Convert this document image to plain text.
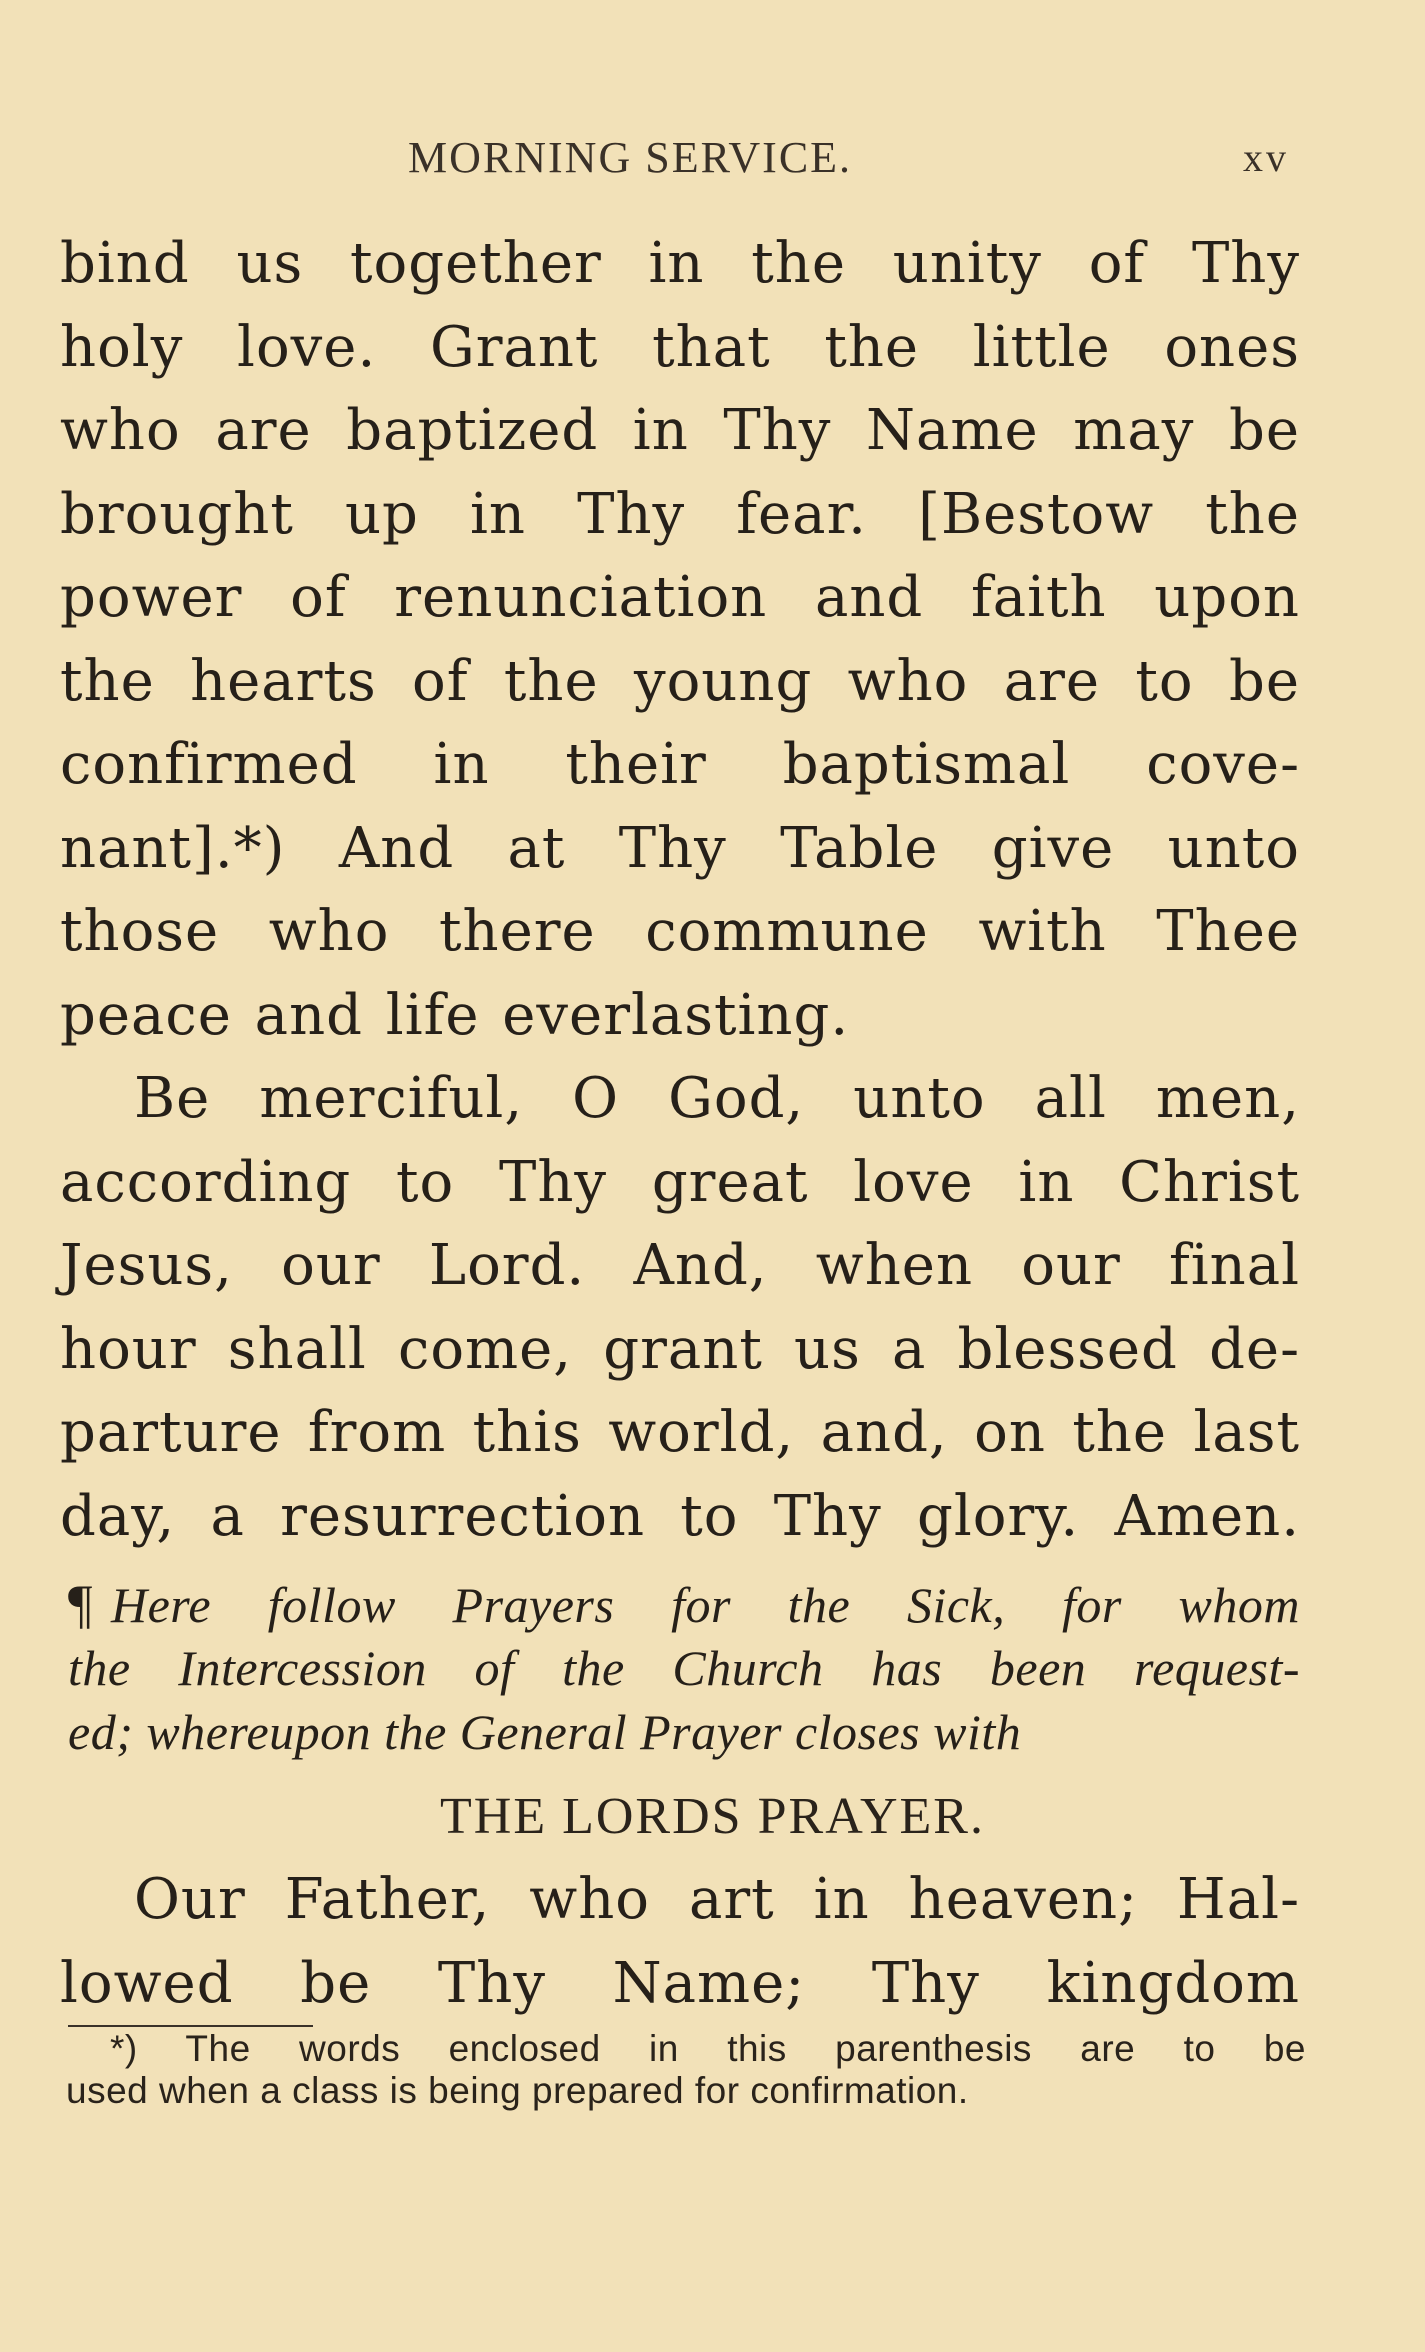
MORNING SERVICE.	xv
bind us together in the unity of Thy
holy love. Grant that the little ones
who are baptized in Thy Name may be
brought up in Thy fear. [Bestow the
power of renunciation and faith upon
the hearts of the young who are to be
confirmed in their baptismal cove-
nant].*) And at Thy Table give unto
those who there commune with Thee
peace and life everlasting.
Be merciful, O God, unto all men,
according to Thy great love in Christ
Jesus, our Lord. And, when our final
hour shall come, grant us a blessed de-
parture from this world, and, on the last
day, a resurrection to Thy glory. Amen.
¶ Here follow Prayers for the Sick, for whom
the Intercession of the Church has been request-
ed; whereupon the General Prayer closes with
THE LORDS PRAYER.
Our Father, who art in heaven; Hal-
lowed be Thy Name; Thy kingdom
*) The words enclosed in this parenthesis are to be
used when a class is being prepared for confirmation.
